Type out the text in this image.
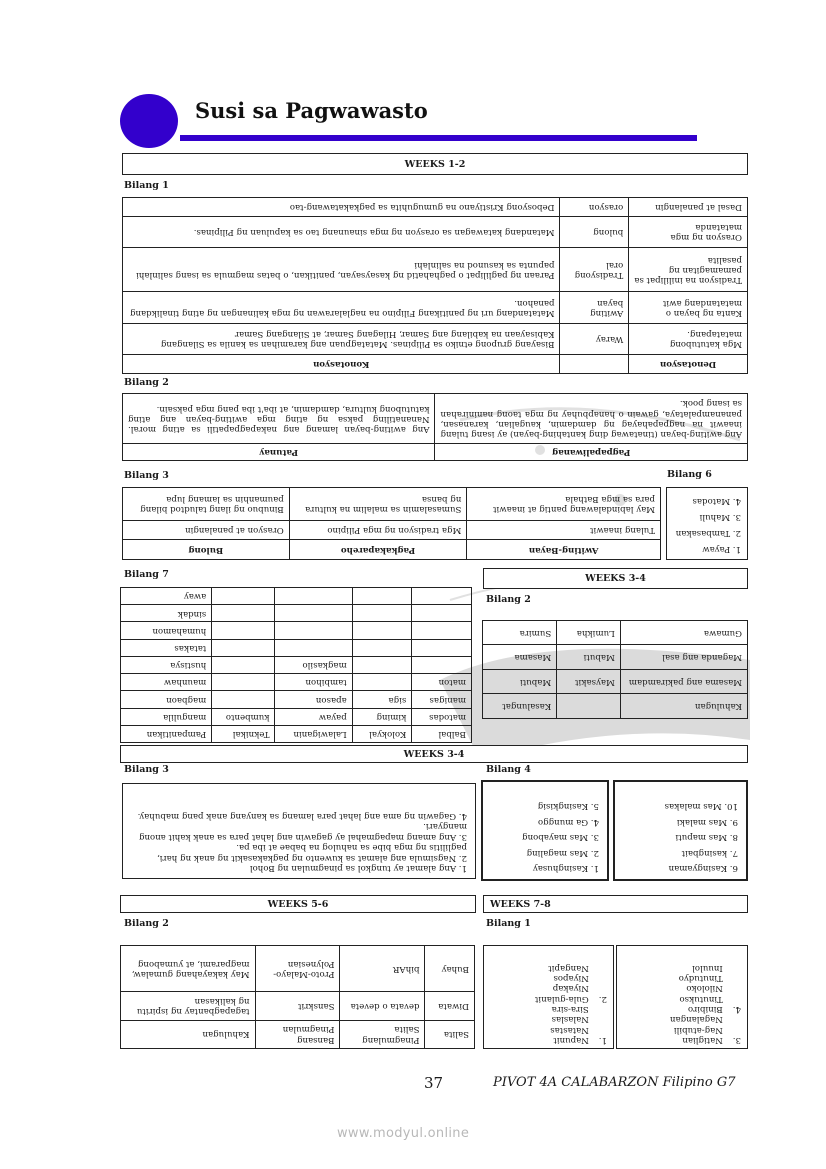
Susi sa Pagwawasto
WEEKS 1-2
Bilang 1
Denotasyon		Konotasyon
Mga katutubong matatapang.	Waray	Bisayang grupong etniko sa Pilipinas. Matatagpuan ang karamihan sa kanila sa Silangang Kabisayaan na kabilang ang Samar, Hilagang Samar, at Silangang Samar
Kanta ng bayan o matatandang awit	Awiting bayan	Matatandang uri ng panitikang Filipino na naglalarawan ng mga kalinangan ng ating tinalikdang panahon.
Tradisyon na inililipat sa pamamagitan ng pasalita	Tradisyong oral	Paraan ng paglilipat o paghahatid ng kasaysayan, panitikan, o batas magmula sa isang salinlahi papunta sa kasunod na salinlahi
Orasyon ng mga matatanda	bulong	Matandang katawagan sa orasyon ng mga sinaunang tao sa kapuluan ng Pilipinas.
Dasal at panalangin	orasyon	Debosyong Kristiyano na gumuguhita sa pagkakatawang-tao
Bilang 2
Pagpapaliwanag	Patunay
Ang awiting-bayan (tinatawag ding kantahing-bayan) ay isang tulang inaawit na nagpapahayag ng damdamin, kaugalian, karanasan, pananampalataya, gawain o hanapbuhay ng mga taong naninirahan sa isang pook.	Ang awiting-bayan lamang ang nakapagpapatili sa ating moral. Nananatiling paksa ng ating mga awiting-bayan ang ating katutubong kultura, damdamin, at iba't iba pang mga paksain.
Bilang 3	Bilang 6
Awiting-Bayan	Pagkakapareho	Bulong
Tulang inaawit	Mga tradisyon ng mga Pilipino	Orasyon at panalangin
May labindalawang pantig at inaawit para sa mga Bathala	Sumasalamin sa malalim na kultura ng bansa	Binubuo ng ilang taludtod bilang paumanhin sa lamang lupa
1. Payaw
2. Tambasakan
3. Mahuli
4. Matodas
Bilang 7
Balbal	Kolokyal	Lalawiganin	Teknikal	Pampanitikan
matodas	kiming	payaw	kumbento	mangulila
manigas	siga	apason		magbaon
maton		tambihon		maunhaw
		magkasilo		hustisya
				tatakas
				humahamon
				sindak
				away
WEEKS 3-4
Bilang 2
Kahulugan		Kasalungat
Masama ang pakiramdam	Maysakit	Mabuti
Maganda ang asal	Mabuti	Masama
Gumawa	Lumikha	Sumira
WEEKS 3-4
Bilang 3	Bilang 4
1. Ang alamat ay tungkol sa pinagmulan ng Bohol
2. Nagsimula ang alamat sa kuwento ng pagkakasakit ng anak ng hari, paglilitis ng mga bibe sa nahulog na babae at iba pa.
3. Ang amang mapagmahal ay gagawin ang lahat para sa anak kahit anong mangyari.
4. Gagawin ng ama ang lahat para lamang sa kanyang anak pang mabuhay.
1. Kasinghusay
2. Mas magaling
3. Mas mayabong
4. Ga munggo
5. Kasingkisig
6. Kasingyaman
7. kasingbait
8. Mas maputi
9. Mas malaki
10. Mas malakas
WEEKS 5-6
Bilang 2
Salita	Pinagmulang Salita	Bansang Pinagmulan	Kahulugan
Diwata	devata o deveta	Sanskrit	tagapagbantay ng ispiritu ng kalikasan
Buhay	bihAR	Proto-Malayo-Polynesian	May kakayahang gumalaw, magparami, at yumabong
WEEKS 7-8
Bilang 1
1.
Napunit
Natastas
Nalaslas
Sira-sira
2.
Gula-gulanit
Niyakap
Niyapos
Nangapit
3.
Natiglian
Nag-atubili
Nagalangan
4.
Binibiro
Tinutukso
Niloloko
Tinutudyo
Inuulol
37	PIVOT 4A CALABARZON Filipino G7
www.modyul.online
